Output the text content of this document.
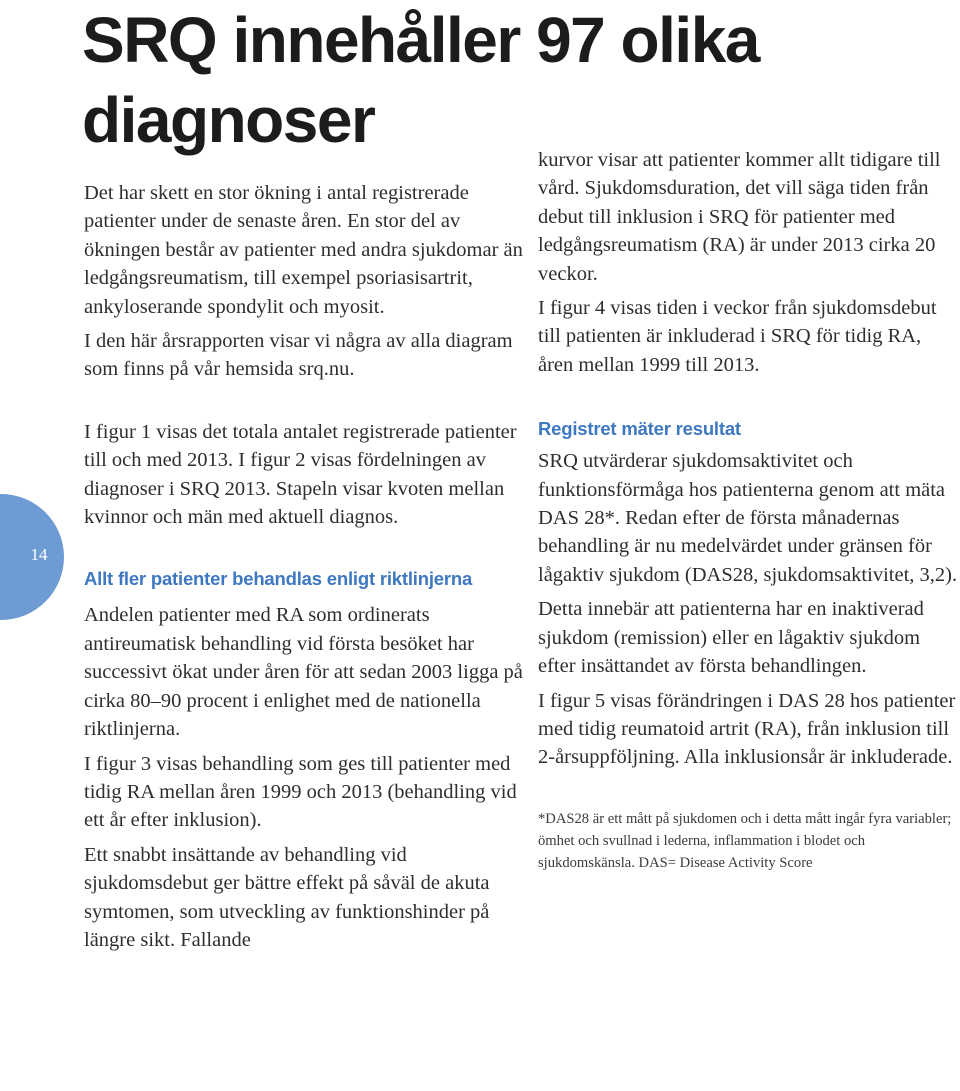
14
SRQ innehåller 97 olika diagnoser

Det har skett en stor ökning i antal registrerade patienter under de senaste åren. En stor del av ökningen består av patienter med andra sjukdomar än ledgångsreumatism, till exempel psoriasisartrit, ankyloserande spondylit och myosit.

I den här årsrapporten visar vi några av alla diagram som finns på vår hemsida srq.nu.

I figur 1 visas det totala antalet registrerade patienter till och med 2013. I figur 2 visas fördelningen av diagnoser i SRQ 2013. Stapeln visar kvoten mellan kvinnor och män med aktuell diagnos.

Allt fler patienter behandlas enligt riktlinjerna

Andelen patienter med RA som ordinerats antireumatisk behandling vid första besöket har successivt ökat under åren för att sedan 2003 ligga på cirka 80–90 procent i enlighet med de nationella riktlinjerna.

I figur 3 visas behandling som ges till patienter med tidig RA mellan åren 1999 och 2013 (behandling vid ett år efter inklusion).

Ett snabbt insättande av behandling vid sjukdomsdebut ger bättre effekt på såväl de akuta symtomen, som utveckling av funktionshinder på längre sikt. Fallande

kurvor visar att patienter kommer allt tidigare till vård. Sjukdomsduration, det vill säga tiden från debut till inklusion i SRQ för patienter med ledgångsreumatism (RA) är under 2013 cirka 20 veckor.

I figur 4 visas tiden i veckor från sjukdomsdebut till patienten är inkluderad i SRQ för tidig RA, åren mellan 1999 till 2013.

Registret mäter resultat

SRQ utvärderar sjukdomsaktivitet och funktionsförmåga hos patienterna genom att mäta DAS 28*. Redan efter de första månadernas behandling är nu medelvärdet under gränsen för lågaktiv sjukdom (DAS28, sjukdomsaktivitet, 3,2).

Detta innebär att patienterna har en inaktiverad sjukdom (remission) eller en lågaktiv sjukdom efter insättandet av första behandlingen.

I figur 5 visas förändringen i DAS 28 hos patienter med tidig reumatoid artrit (RA), från inklusion till 2-årsuppföljning. Alla inklusionsår är inkluderade.

*DAS28 är ett mått på sjukdomen och i detta mått ingår fyra variabler; ömhet och svullnad i lederna, inflammation i blodet och sjukdomskänsla. DAS= Disease Activity Score
